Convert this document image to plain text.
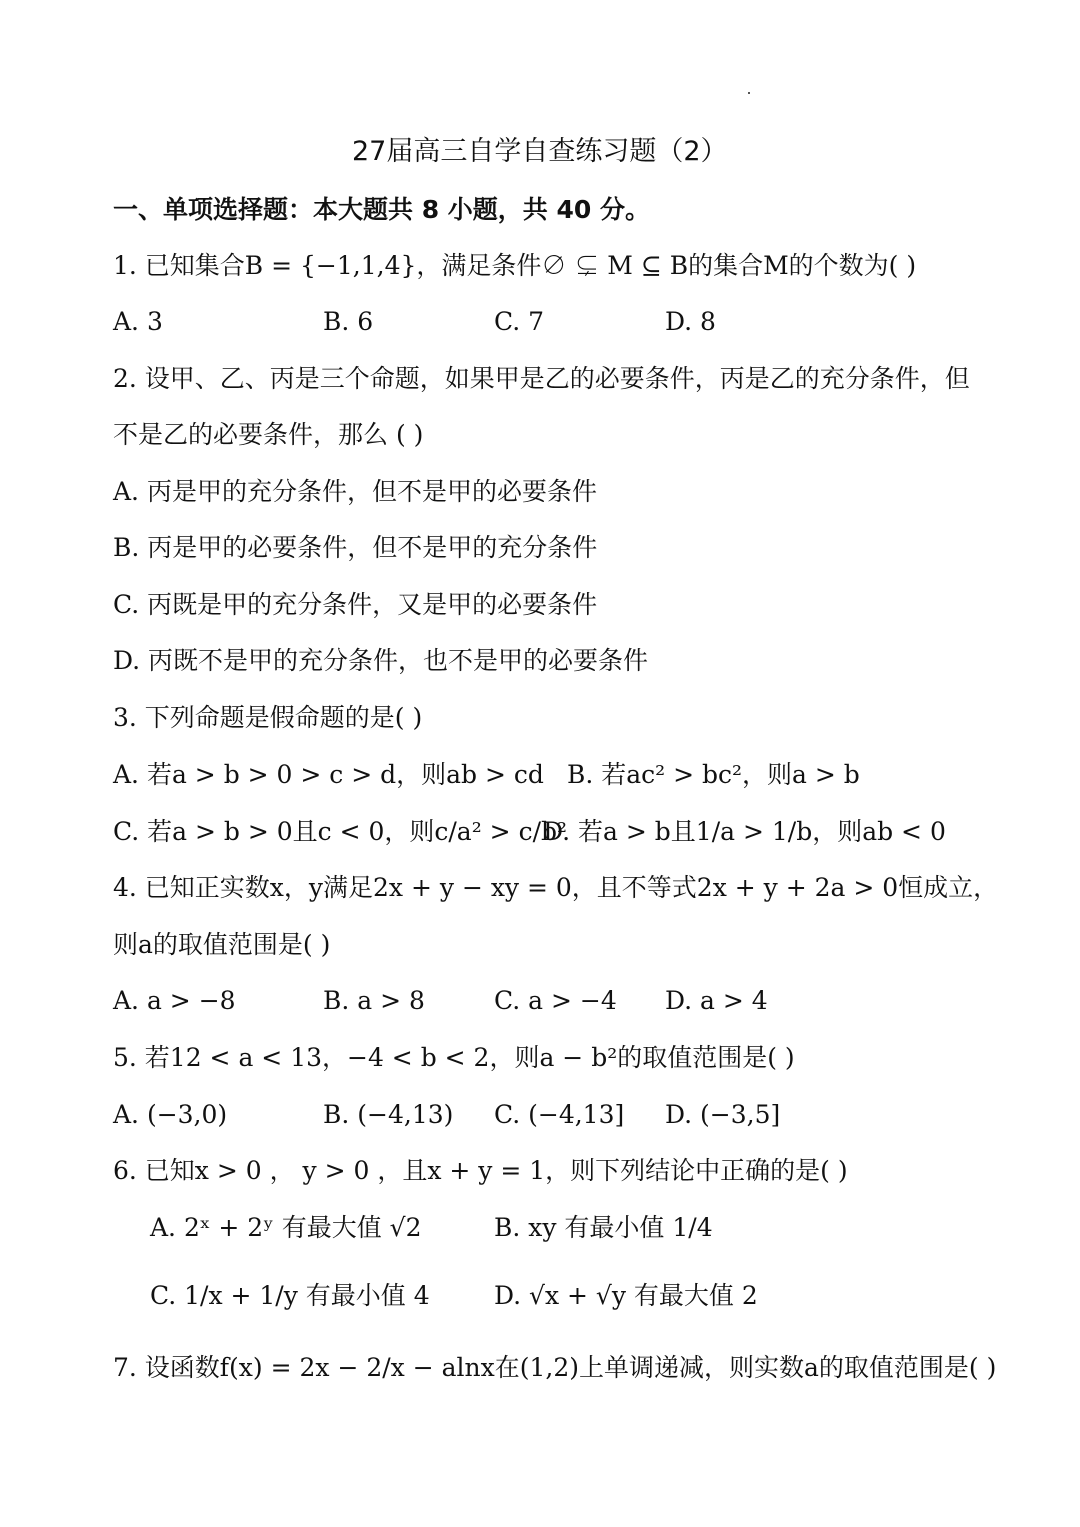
27届高三自学自查练习题（2）
一、单项选择题：本大题共 8 小题，共 40 分。
1. 已知集合B = {−1,1,4}，满足条件∅ ⊊ M ⊆ B的集合M的个数为( )
A. 3	B. 6	C. 7	D. 8
2. 设甲、乙、丙是三个命题，如果甲是乙的必要条件，丙是乙的充分条件，但
不是乙的必要条件，那么 ( )
A. 丙是甲的充分条件，但不是甲的必要条件
B. 丙是甲的必要条件，但不是甲的充分条件
C. 丙既是甲的充分条件，又是甲的必要条件
D. 丙既不是甲的充分条件，也不是甲的必要条件
3. 下列命题是假命题的是( )
A. 若a > b > 0 > c > d，则ab > cd B. 若ac² > bc²，则a > b
C. 若a > b > 0且c < 0，则c/a² > c/b²
D. 若a > b且1/a > 1/b，则ab < 0
4. 已知正实数x，y满足2x + y − xy = 0，且不等式2x + y + 2a > 0恒成立，
则a的取值范围是( )
A. a > −8	B. a > 8	C. a > −4 D. a > 4
5. 若12 < a < 13，−4 < b < 2，则a − b²的取值范围是( )
A. (−3,0)	B. (−4,13) C. (−4,13] D. (−3,5]
6. 已知x > 0 ， y > 0 ，且x + y = 1，则下列结论中正确的是( )
A. 2ˣ + 2ʸ 有最大值 √2	B. xy 有最小值 1/4
C. 1/x + 1/y 有最小值 4	D. √x + √y 有最大值 2
7. 设函数f(x) = 2x − 2/x − alnx在(1,2)上单调递减，则实数a的取值范围是( )
